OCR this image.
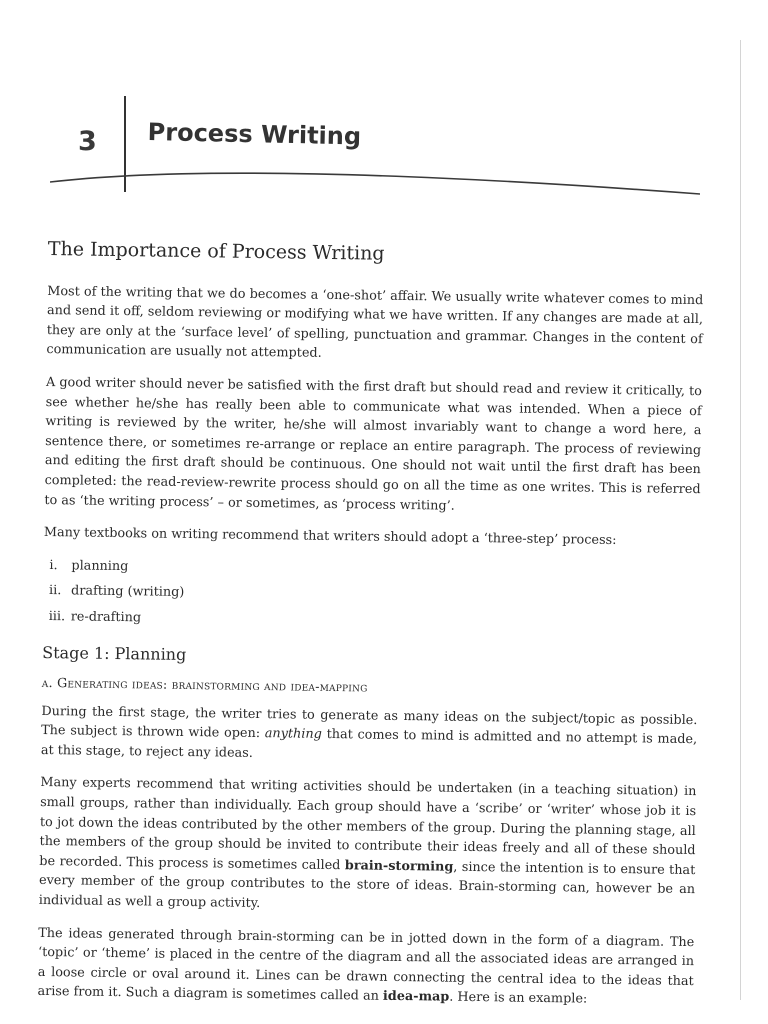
3 Process Writing
The Importance of Process Writing

Most of the writing that we do becomes a ‘one-shot’ affair. We usually write whatever comes to mind and send it off, seldom reviewing or modifying what we have written. If any changes are made at all, they are only at the ‘surface level’ of spelling, punctuation and grammar. Changes in the content of communication are usually not attempted.

A good writer should never be satisfied with the first draft but should read and review it critically, to see whether he/she has really been able to communicate what was intended. When a piece of writing is reviewed by the writer, he/she will almost invariably want to change a word here, a sentence there, or sometimes re-arrange or replace an entire paragraph. The process of reviewing and editing the first draft should be continuous. One should not wait until the first draft has been completed: the read-review-rewrite process should go on all the time as one writes. This is referred to as ‘the writing process’ – or sometimes, as ‘process writing’.

Many textbooks on writing recommend that writers should adopt a ‘three-step’ process:

i. planning
ii. drafting (writing)
iii. re-drafting
Stage 1: Planning
a. Generating ideas: brainstorming and idea-mapping

During the first stage, the writer tries to generate as many ideas on the subject/topic as possible. The subject is thrown wide open: anything that comes to mind is admitted and no attempt is made, at this stage, to reject any ideas.

Many experts recommend that writing activities should be undertaken (in a teaching situation) in small groups, rather than individually. Each group should have a ‘scribe’ or ‘writer’ whose job it is to jot down the ideas contributed by the other members of the group. During the planning stage, all the members of the group should be invited to contribute their ideas freely and all of these should be recorded. This process is sometimes called brain-storming, since the intention is to ensure that every member of the group contributes to the store of ideas. Brain-storming can, however be an individual as well a group activity.

The ideas generated through brain-storming can be in jotted down in the form of a diagram. The ‘topic’ or ‘theme’ is placed in the centre of the diagram and all the associated ideas are arranged in a loose circle or oval around it. Lines can be drawn connecting the central idea to the ideas that arise from it. Such a diagram is sometimes called an idea-map. Here is an example:
